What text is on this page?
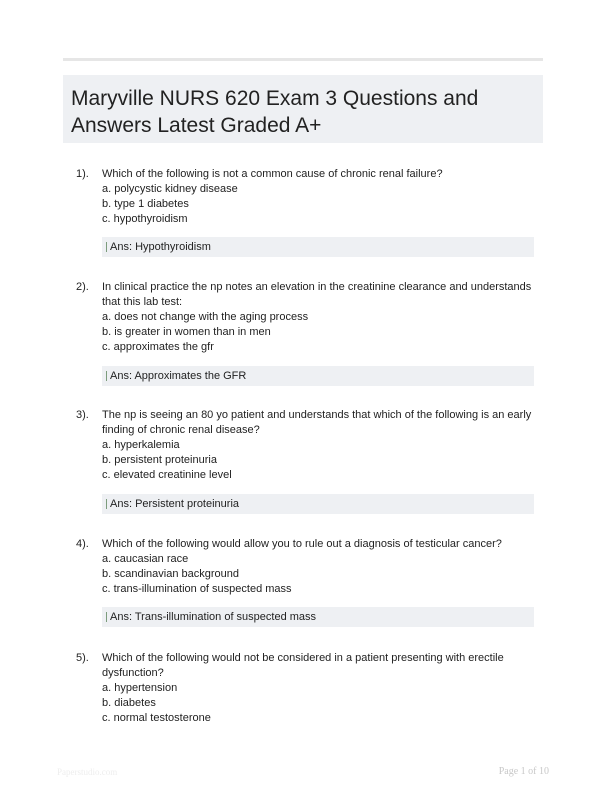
Maryville NURS 620 Exam 3 Questions and
Answers Latest Graded A+
1). Which of the following is not a common cause of chronic renal failure?

a. polycystic kidney disease

b. type 1 diabetes

c. hypothyroidism

Ans: Hypothyroidism
2). In clinical practice the np notes an elevation in the creatinine clearance and understands that this lab test:

a. does not change with the aging process

b. is greater in women than in men

c. approximates the gfr

Ans: Approximates the GFR
3). The np is seeing an 80 yo patient and understands that which of the following is an early finding of chronic renal disease?

a. hyperkalemia

b. persistent proteinuria

c. elevated creatinine level

Ans: Persistent proteinuria
4). Which of the following would allow you to rule out a diagnosis of testicular cancer?

a. caucasian race

b. scandinavian background

c. trans-illumination of suspected mass

Ans: Trans-illumination of suspected mass
5). Which of the following would not be considered in a patient presenting with erectile dysfunction?

a. hypertension

b. diabetes

c. normal testosterone

Paperstudio.com	Page 1 of 10
